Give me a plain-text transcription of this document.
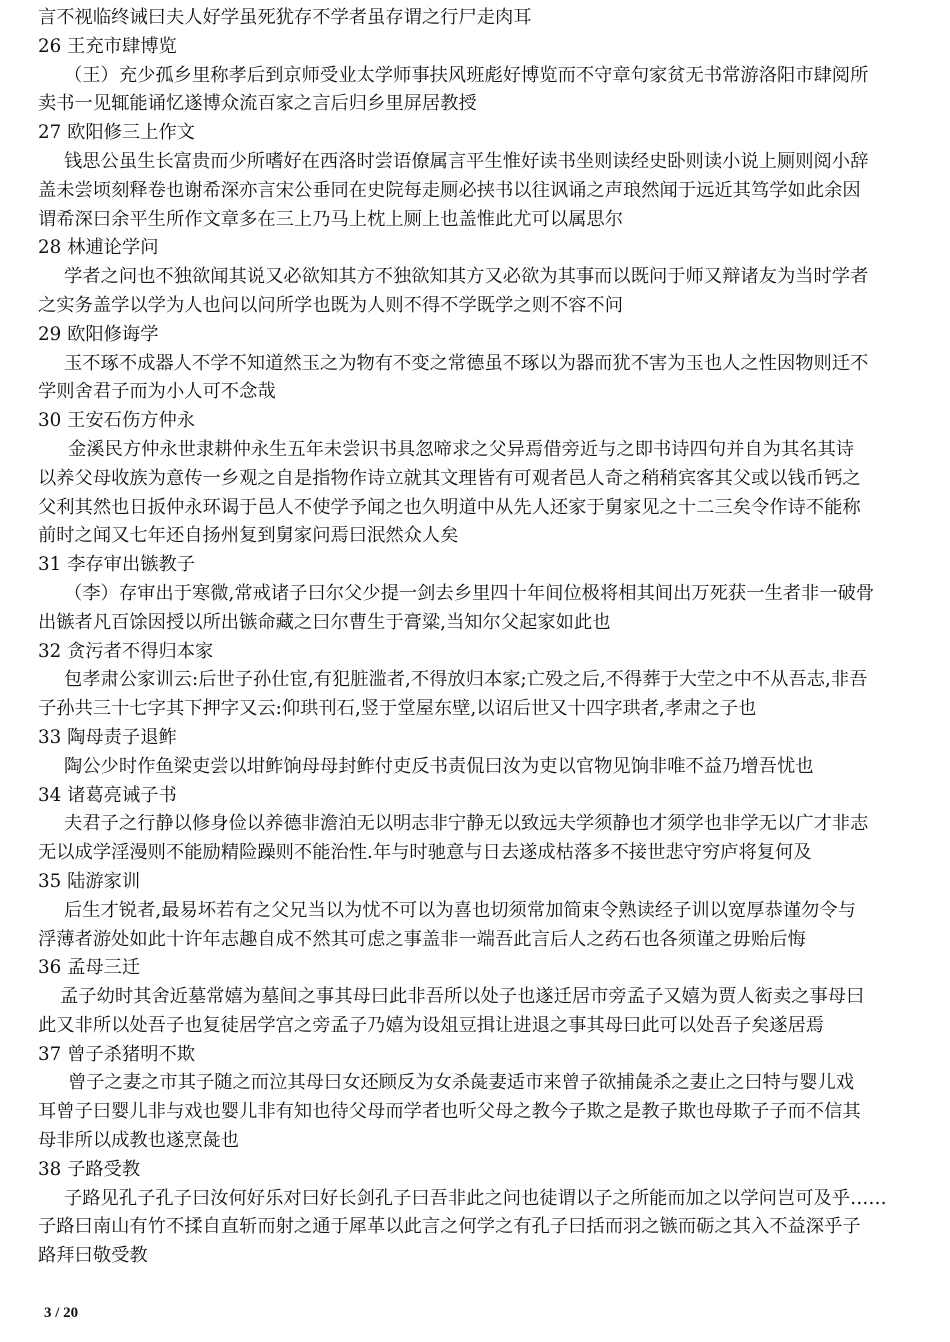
言不视临终诫曰夫人好学虽死犹存不学者虽存谓之行尸走肉耳
26 王充市肆博览
（王）充少孤乡里称孝后到京师受业太学师事扶风班彪好博览而不守章句家贫无书常游洛阳市肆阅所
卖书一见辄能诵忆遂博众流百家之言后归乡里屏居教授
27 欧阳修三上作文
钱思公虽生长富贵而少所嗜好在西洛时尝语僚属言平生惟好读书坐则读经史卧则读小说上厕则阅小辞
盖未尝顷刻释卷也谢希深亦言宋公垂同在史院每走厕必挟书以往讽诵之声琅然闻于远近其笃学如此余因
谓希深曰余平生所作文章多在三上乃马上枕上厕上也盖惟此尤可以属思尔
28 林逋论学问
学者之问也不独欲闻其说又必欲知其方不独欲知其方又必欲为其事而以既问于师又辩诸友为当时学者
之实务盖学以学为人也问以问所学也既为人则不得不学既学之则不容不问
29 欧阳修诲学
玉不琢不成器人不学不知道然玉之为物有不变之常德虽不琢以为器而犹不害为玉也人之性因物则迁不
学则舍君子而为小人可不念哉
30 王安石伤方仲永
金溪民方仲永世隶耕仲永生五年未尝识书具忽啼求之父异焉借旁近与之即书诗四句并自为其名其诗
以养父母收族为意传一乡观之自是指物作诗立就其文理皆有可观者邑人奇之稍稍宾客其父或以钱币钙之
父利其然也日扳仲永环谒于邑人不使学予闻之也久明道中从先人还家于舅家见之十二三矣令作诗不能称
前时之闻又七年还自扬州复到舅家问焉曰泯然众人矣
31 李存审出镞教子
（李）存审出于寒微,常戒诸子曰尔父少提一剑去乡里四十年间位极将相其间出万死获一生者非一破骨
出镞者凡百馀因授以所出镞命藏之曰尔曹生于膏粱,当知尔父起家如此也
32 贪污者不得归本家
包孝肃公家训云:后世子孙仕宦,有犯脏滥者,不得放归本家;亡殁之后,不得葬于大茔之中不从吾志,非吾
子孙共三十七字其下押字又云:仰珙刊石,竖于堂屋东壁,以诏后世又十四字珙者,孝肃之子也
33 陶母责子退鲊
陶公少时作鱼梁吏尝以坩鲊饷母母封鲊付吏反书责侃曰汝为吏以官物见饷非唯不益乃增吾忧也
34 诸葛亮诫子书
夫君子之行静以修身俭以养德非澹泊无以明志非宁静无以致远夫学须静也才须学也非学无以广才非志
无以成学淫漫则不能励精险躁则不能治性.年与时驰意与日去遂成枯落多不接世悲守穷庐将复何及
35 陆游家训
后生才锐者,最易坏若有之父兄当以为忧不可以为喜也切须常加简束令熟读经子训以宽厚恭谨勿令与
浮薄者游处如此十许年志趣自成不然其可虑之事盖非一端吾此言后人之药石也各须谨之毋贻后悔
36 孟母三迁
孟子幼时其舍近墓常嬉为墓间之事其母曰此非吾所以处子也遂迁居市旁孟子又嬉为贾人衒卖之事母曰
此又非所以处吾子也复徒居学宫之旁孟子乃嬉为设俎豆揖让进退之事其母曰此可以处吾子矣遂居焉
37 曾子杀猪明不欺
曾子之妻之市其子随之而泣其母曰女还顾反为女杀彘妻适市来曾子欲捕彘杀之妻止之曰特与婴儿戏
耳曾子曰婴儿非与戏也婴儿非有知也待父母而学者也听父母之教今子欺之是教子欺也母欺子子而不信其
母非所以成教也遂烹彘也
38 子路受教
子路见孔子孔子曰汝何好乐对曰好长剑孔子曰吾非此之问也徒谓以子之所能而加之以学问岂可及乎……
子路曰南山有竹不揉自直斩而射之通于犀革以此言之何学之有孔子曰括而羽之镞而砺之其入不益深乎子
路拜曰敬受教
3 / 20
